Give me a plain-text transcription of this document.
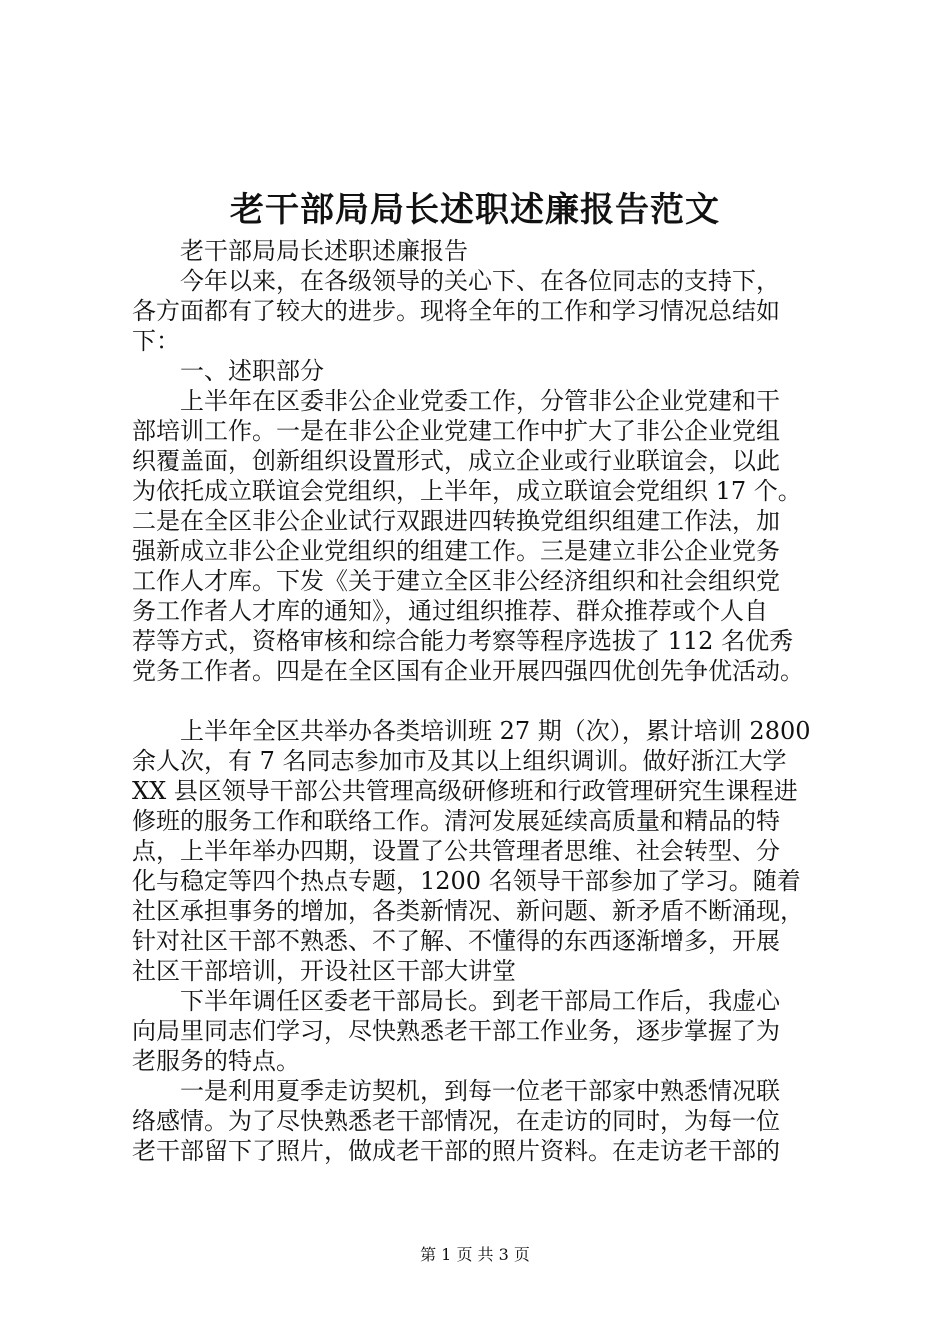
老干部局局长述职述廉报告范文
老干部局局长述职述廉报告
今年以来，在各级领导的关心下、在各位同志的支持下，
各方面都有了较大的进步。现将全年的工作和学习情况总结如
下：
一、述职部分
上半年在区委非公企业党委工作，分管非公企业党建和干
部培训工作。一是在非公企业党建工作中扩大了非公企业党组
织覆盖面，创新组织设置形式，成立企业或行业联谊会，以此
为依托成立联谊会党组织，上半年，成立联谊会党组织 17 个。
二是在全区非公企业试行双跟进四转换党组织组建工作法，加
强新成立非公企业党组织的组建工作。三是建立非公企业党务
工作人才库。下发《关于建立全区非公经济组织和社会组织党
务工作者人才库的通知》，通过组织推荐、群众推荐或个人自
荐等方式，资格审核和综合能力考察等程序选拔了 112 名优秀
党务工作者。四是在全区国有企业开展四强四优创先争优活动。
上半年全区共举办各类培训班 27 期（次），累计培训 2800
余人次，有 7 名同志参加市及其以上组织调训。做好浙江大学
XX 县区领导干部公共管理高级研修班和行政管理研究生课程进
修班的服务工作和联络工作。清河发展延续高质量和精品的特
点，上半年举办四期，设置了公共管理者思维、社会转型、分
化与稳定等四个热点专题，1200 名领导干部参加了学习。随着
社区承担事务的增加，各类新情况、新问题、新矛盾不断涌现，
针对社区干部不熟悉、不了解、不懂得的东西逐渐增多，开展
社区干部培训，开设社区干部大讲堂
下半年调任区委老干部局长。到老干部局工作后，我虚心
向局里同志们学习，尽快熟悉老干部工作业务，逐步掌握了为
老服务的特点。
一是利用夏季走访契机，到每一位老干部家中熟悉情况联
络感情。为了尽快熟悉老干部情况，在走访的同时，为每一位
老干部留下了照片，做成老干部的照片资料。在走访老干部的
第 1 页 共 3 页
